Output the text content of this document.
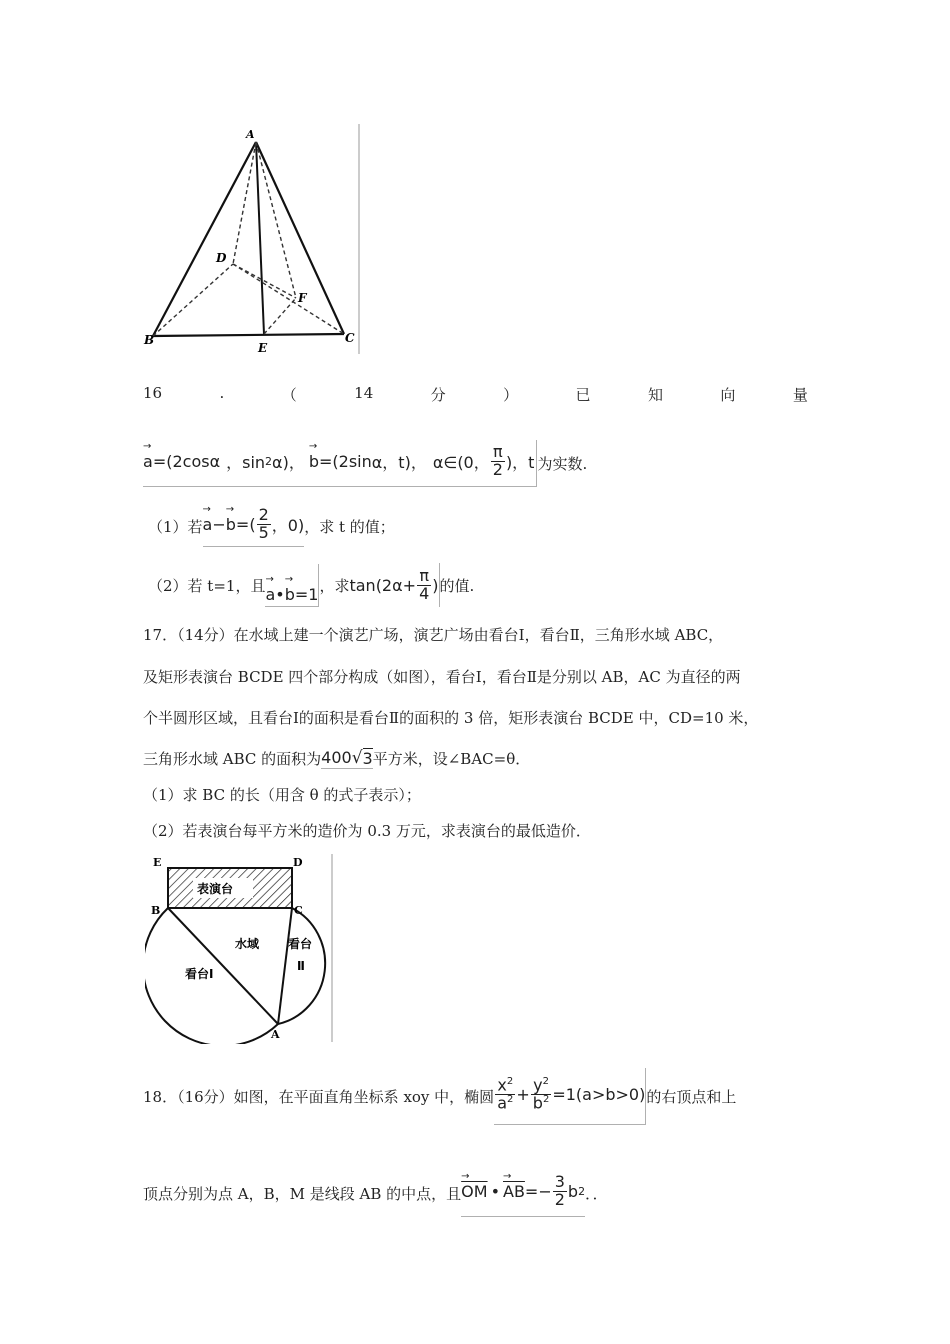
A
B	C
D
E
F
16	.	（	14	分	）	已	知	向	量
→ a =(2cos α ，sin 2 α)， → b =(2sin α，t)， α∈(0， $\frac{\pi}{2}$ )，t 为实数.
（1）若 → a − → b =( $\frac{2}{5}$ ，0) ，求 t 的值；
（2）若 t=1，且 → a • → b =1 ，求 $\tan(2\alpha+ \frac{\pi}{4}$ ) 的值.
17．（14分）在水域上建一个演艺广场，演艺广场由看台Ⅰ，看台Ⅱ，三角形水域 ABC，
及矩形表演台 BCDE 四个部分构成（如图），看台Ⅰ，看台Ⅱ是分别以 AB，AC 为直径的两
个半圆形区域，且看台Ⅰ的面积是看台Ⅱ的面积的 3 倍，矩形表演台 BCDE 中，CD=10 米，
三角形水域 ABC 的面积为 400 √ 3 平方米，设∠BAC=θ．
（1）求 BC 的长（用含 θ 的式子表示）；
（2）若表演台每平方米的造价为 0.3 万元，求表演台的最低造价．
E	D
B	C
A
表演台
水域
看台Ⅰ
看台
Ⅱ
18．（16分）如图，在平面直角坐标系 xoy 中，椭圆 $\frac{x^2}{a^2} + \frac{y^2}{b^2} =1(a>b>0)$ 的右顶点和上
顶点分别为点 A，B，M 是线段 AB 的中点，且 → $\overline{OM}$ • → $\overline{AB} =- \frac{3}{2}$ b 2 ．．
